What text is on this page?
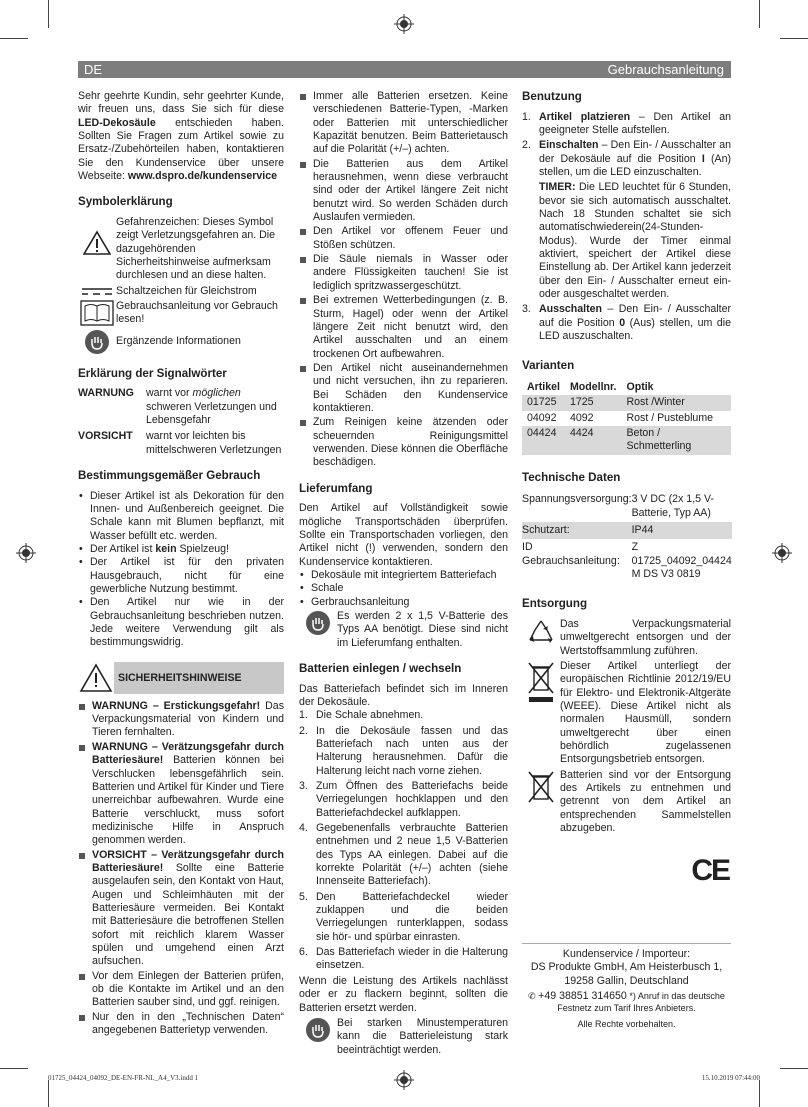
DE	Gebrauchsanleitung

Sehr geehrte Kundin, sehr geehrter Kunde, wir freuen uns, dass Sie sich für diese LED-Dekosäule entschieden haben. Sollten Sie Fragen zum Artikel sowie zu Ersatz-/Zubehörteilen haben, kontaktieren Sie den Kundenservice über unsere Webseite: www.dspro.de/kundenservice

Symbolerklärung
Gefahrenzeichen: Dieses Symbol zeigt Verletzungsgefahren an. Die dazugehörenden Sicherheitshinweise aufmerksam durchlesen und an diese halten.
Schaltzeichen für Gleichstrom
Gebrauchsanleitung vor Gebrauch lesen!
Ergänzende Informationen
Erklärung der Signalwörter
WARNUNG	warnt vor möglichen schweren Verletzungen und Lebensgefahr
VORSICHT	warnt vor leichten bis mittelschweren Verletzungen
Bestimmungsgemäßer Gebrauch
• Dieser Artikel ist als Dekoration für den Innen- und Außenbereich geeignet. Die Schale kann mit Blumen bepflanzt, mit Wasser befüllt etc. werden.
• Der Artikel ist kein Spielzeug!
• Der Artikel ist für den privaten Hausgebrauch, nicht für eine gewerbliche Nutzung bestimmt.
• Den Artikel nur wie in der Gebrauchsanleitung beschrieben nutzen. Jede weitere Verwendung gilt als bestimmungswidrig.
SICHERHEITSHINWEISE
WARNUNG – Erstickungsgefahr! Das Verpackungsmaterial von Kindern und Tieren fernhalten.
WARNUNG – Verätzungsgefahr durch Batteriesäure! Batterien können bei Verschlucken lebensgefährlich sein. Batterien und Artikel für Kinder und Tiere unerreichbar aufbewahren. Wurde eine Batterie verschluckt, muss sofort medizinische Hilfe in Anspruch genommen werden.
VORSICHT – Verätzungsgefahr durch Batteriesäure! Sollte eine Batterie ausgelaufen sein, den Kontakt von Haut, Augen und Schleimhäuten mit der Batteriesäure vermeiden. Bei Kontakt mit Batteriesäure die betroffenen Stellen sofort mit reichlich klarem Wasser spülen und umgehend einen Arzt aufsuchen.
Vor dem Einlegen der Batterien prüfen, ob die Kontakte im Artikel und an den Batterien sauber sind, und ggf. reinigen.
Nur den in den „Technischen Daten“ angegebenen Batterietyp verwenden.
Immer alle Batterien ersetzen. Keine verschiedenen Batterie-Typen, -Marken oder Batterien mit unterschiedlicher Kapazität benutzen. Beim Batterietausch auf die Polarität (+/–) achten.
Die Batterien aus dem Artikel herausnehmen, wenn diese verbraucht sind oder der Artikel längere Zeit nicht benutzt wird. So werden Schäden durch Auslaufen vermieden.
Den Artikel vor offenem Feuer und Stößen schützen.
Die Säule niemals in Wasser oder andere Flüssigkeiten tauchen! Sie ist lediglich spritzwassergeschützt.
Bei extremen Wetterbedingungen (z. B. Sturm, Hagel) oder wenn der Artikel längere Zeit nicht benutzt wird, den Artikel ausschalten und an einem trockenen Ort aufbewahren.
Den Artikel nicht auseinandernehmen und nicht versuchen, ihn zu reparieren. Bei Schäden den Kundenservice kontaktieren.
Zum Reinigen keine ätzenden oder scheuernden Reinigungsmittel verwenden. Diese können die Oberfläche beschädigen.
Lieferumfang

Den Artikel auf Vollständigkeit sowie mögliche Transportschäden überprüfen. Sollte ein Transportschaden vorliegen, den Artikel nicht (!) verwenden, sondern den Kundenservice kontaktieren.

• Dekosäule mit integriertem Batteriefach
• Schale
• Gerbrauchsanleitung
Es werden 2 x 1,5 V-Batterie des Typs AA benötigt. Diese sind nicht im Lieferumfang enthalten.
Batterien einlegen / wechseln

Das Batteriefach befindet sich im Inneren der Dekosäule.

1. Die Schale abnehmen.
2. In die Dekosäule fassen und das Batteriefach nach unten aus der Halterung herausnehmen. Dafür die Halterung leicht nach vorne ziehen.
3. Zum Öffnen des Batteriefachs beide Verriegelungen hochklappen und den Batteriefachdeckel aufklappen.
4. Gegebenenfalls verbrauchte Batterien entnehmen und 2 neue 1,5 V-Batterien des Typs AA einlegen. Dabei auf die korrekte Polarität (+/–) achten (siehe Innenseite Batteriefach).
5. Den Batteriefachdeckel wieder zuklappen und die beiden Verriegelungen runterklappen, sodass sie hör- und spürbar einrasten.
6. Das Batteriefach wieder in die Halterung einsetzen.

Wenn die Leistung des Artikels nachlässt oder er zu flackern beginnt, sollten die Batterien ersetzt werden.

Bei starken Minustemperaturen kann die Batterieleistung stark beeinträchtigt werden.
Benutzung
1. Artikel platzieren – Den Artikel an geeigneter Stelle aufstellen.
2. Einschalten – Den Ein- / Ausschalter an der Dekosäule auf die Position I (An) stellen, um die LED einzuschalten.
TIMER: Die LED leuchtet für 6 Stunden, bevor sie sich automatisch ausschaltet. Nach 18 Stunden schaltet sie sich automatischwiederein(24-Stunden-Modus). Wurde der Timer einmal aktiviert, speichert der Artikel diese Einstellung ab. Der Artikel kann jederzeit über den Ein- / Ausschalter erneut ein- oder ausgeschaltet werden.
3. Ausschalten – Den Ein- / Ausschalter auf die Position 0 (Aus) stellen, um die LED auszuschalten.
Varianten
Artikel	Modellnr.	Optik
01725	1725	Rost /Winter
04092	4092	Rost / Pusteblume
04424	4424	Beton / Schmetterling
Technische Daten
Spannungsversorgung:	3 V DC (2x 1,5 V-Batterie, Typ AA)
Schutzart:	IP44
ID Gebrauchsanleitung:	Z 01725_04092_04424 M DS V3 0819
Entsorgung
Das Verpackungsmaterial umweltgerecht entsorgen und der Wertstoffsammlung zuführen.
Dieser Artikel unterliegt der europäischen Richtlinie 2012/19/EU für Elektro- und Elektronik-Altgeräte (WEEE). Diese Artikel nicht als normalen Hausmüll, sondern umweltgerecht über einen behördlich zugelassenen Entsorgungsbetrieb entsorgen.
Batterien sind vor der Entsorgung des Artikels zu entnehmen und getrennt von dem Artikel an entsprechenden Sammelstellen abzugeben.
CE
Kundenservice / Importeur:
DS Produkte GmbH, Am Heisterbusch 1,
19258 Gallin, Deutschland
✆ +49 38851 314650 *) Anruf in das deutsche Festnetz zum Tarif Ihres Anbieters.
Alle Rechte vorbehalten.
01725_04424_04092_DE-EN-FR-NL_A4_V3.indd 1	15.10.2019 07:44:00
